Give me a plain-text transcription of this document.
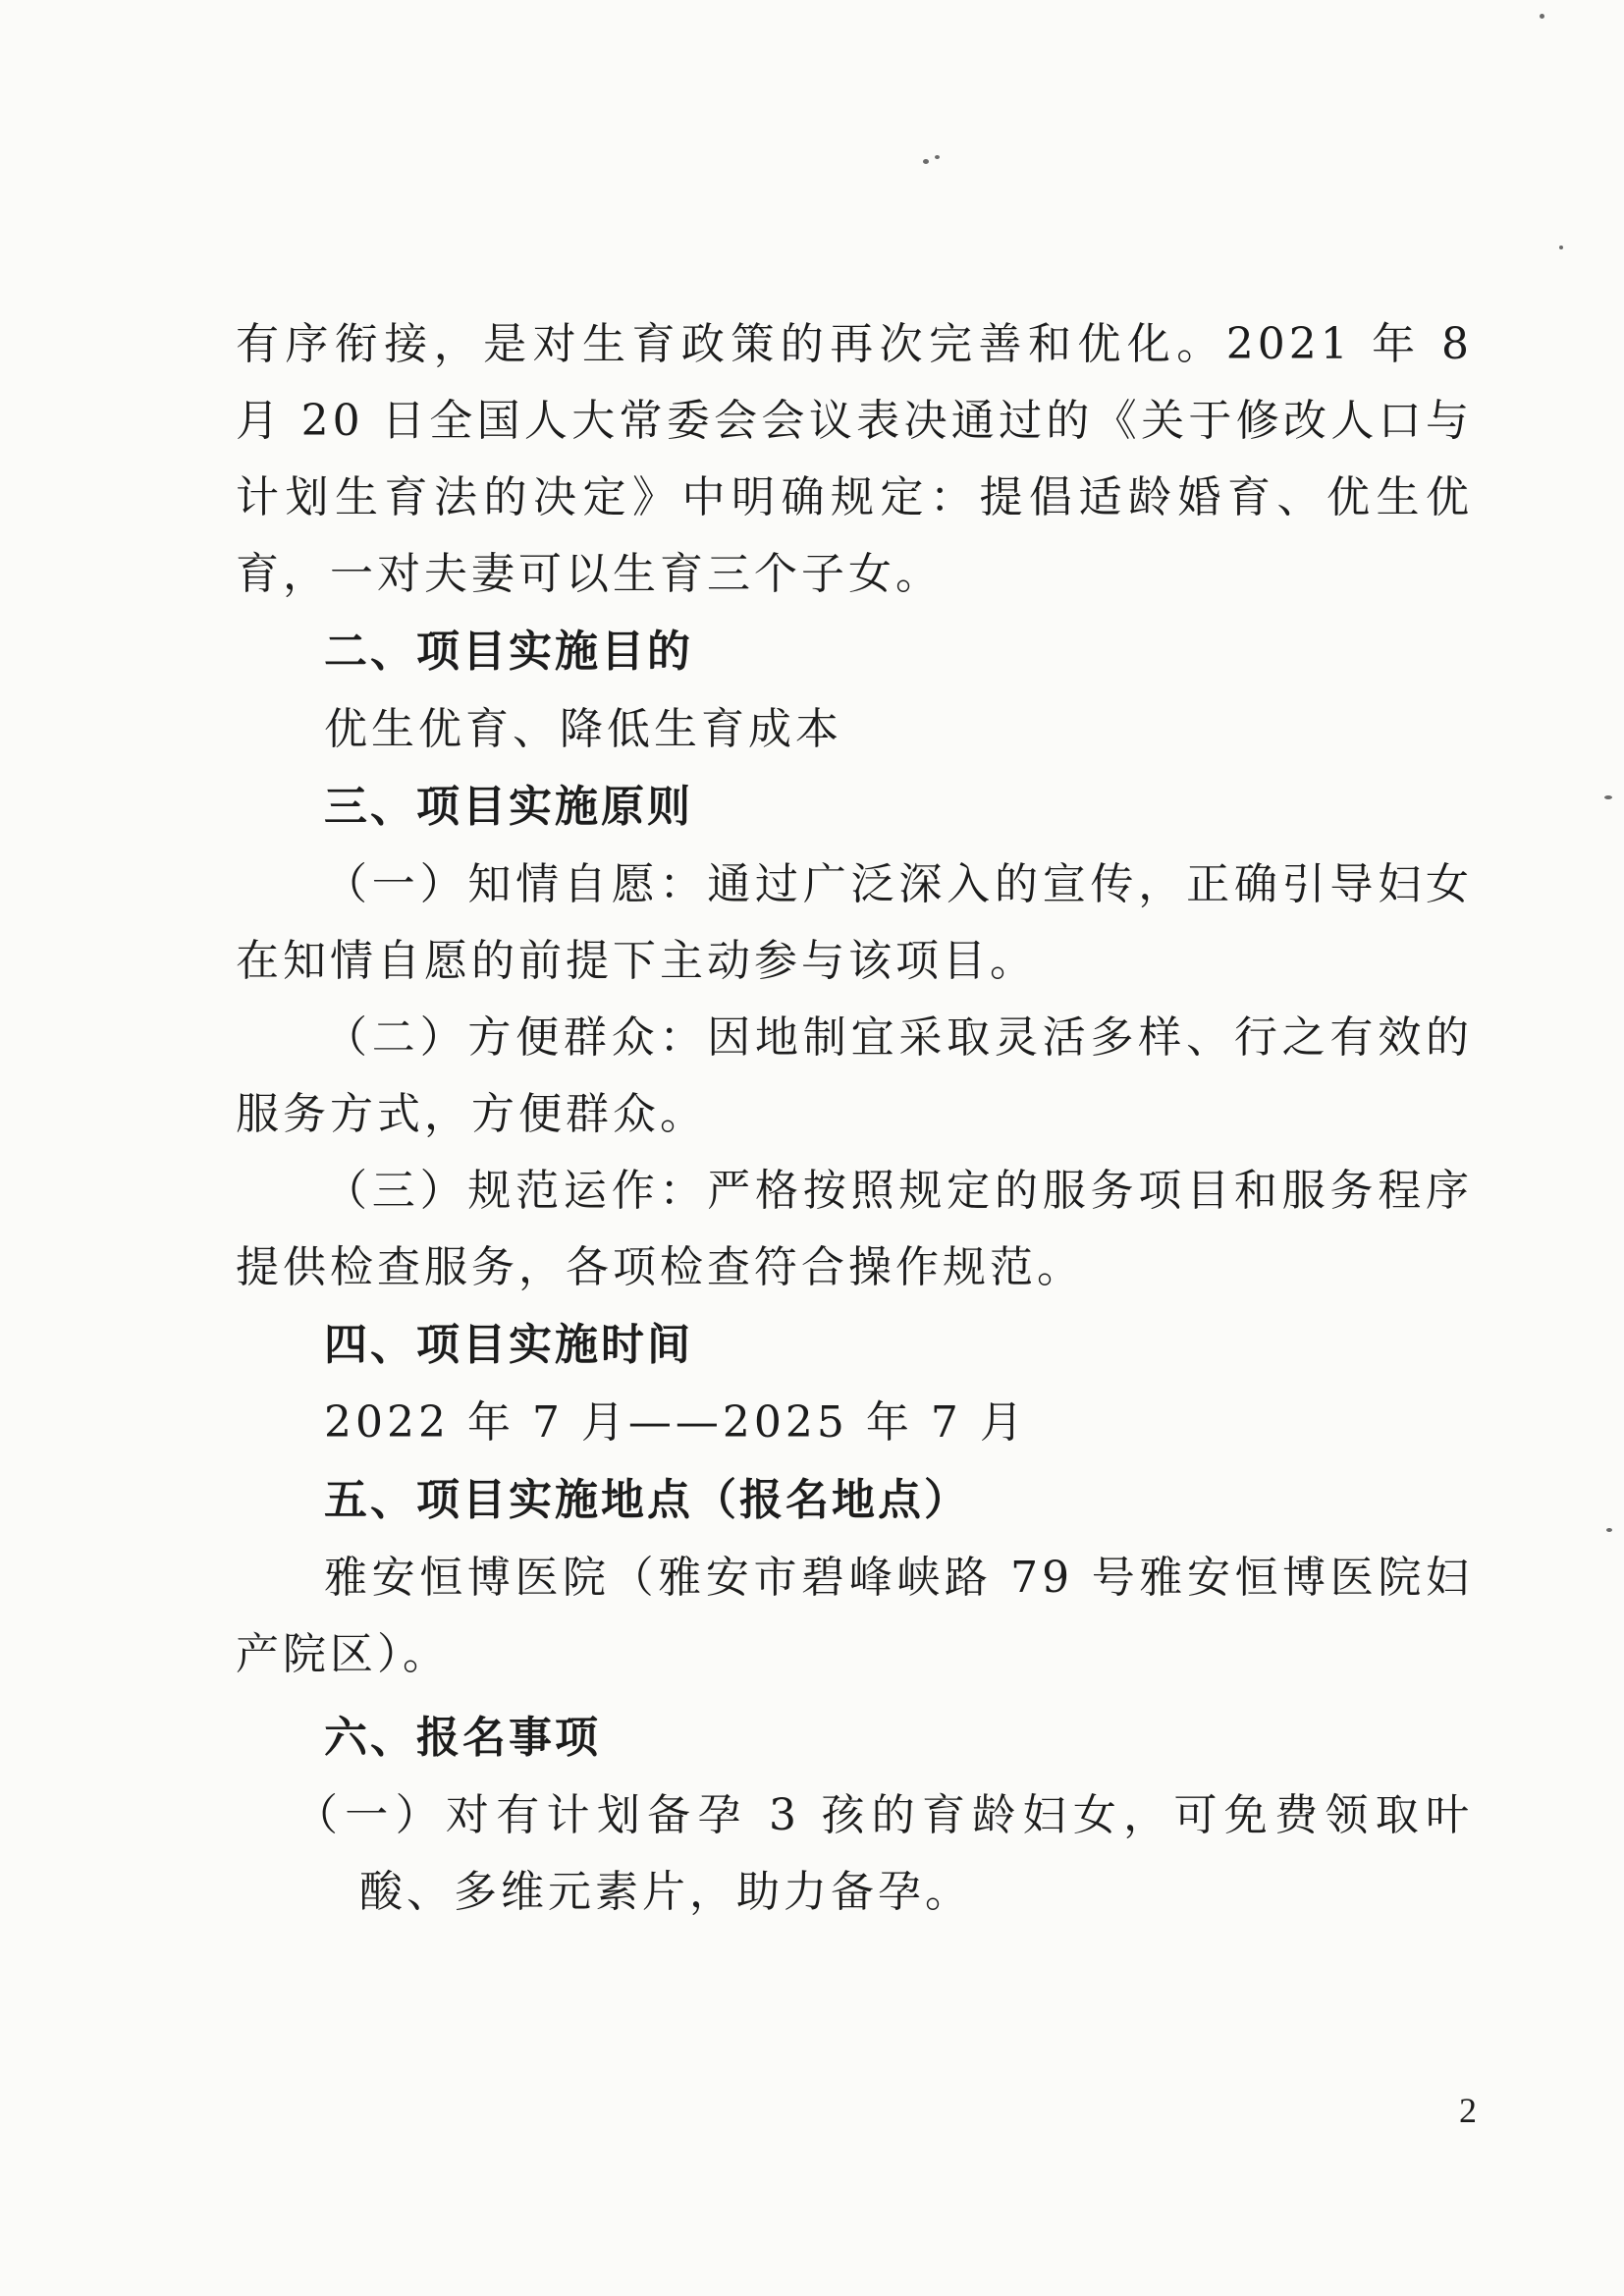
有序衔接，是对生育政策的再次完善和优化。2021 年 8 月 20 日全国人大常委会会议表决通过的《关于修改人口与计划生育法的决定》中明确规定：提倡适龄婚育、优生优育，一对夫妻可以生育三个子女。

二、项目实施目的

优生优育、降低生育成本

三、项目实施原则

（一）知情自愿：通过广泛深入的宣传，正确引导妇女在知情自愿的前提下主动参与该项目。

（二）方便群众：因地制宜采取灵活多样、行之有效的服务方式，方便群众。

（三）规范运作：严格按照规定的服务项目和服务程序提供检查服务，各项检查符合操作规范。

四、项目实施时间

2022 年 7 月——2025 年 7 月

五、项目实施地点（报名地点）

雅安恒博医院（雅安市碧峰峡路 79 号雅安恒博医院妇产院区）。

六、报名事项

（一）对有计划备孕 3 孩的育龄妇女，可免费领取叶酸、多维元素片，助力备孕。

2
